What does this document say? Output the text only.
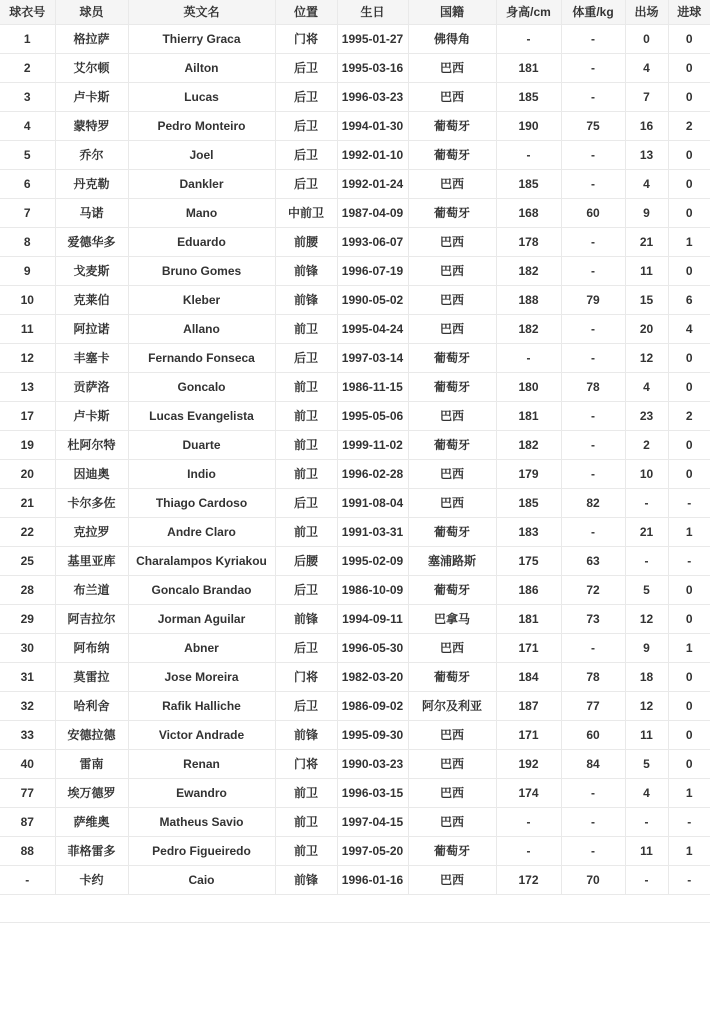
球衣号	球员	英文名	位置	生日	国籍	身高/cm	体重/kg	出场	进球
1	格拉萨	Thierry Graca	门将	1995-01-27	佛得角	-	-	0	0
2	艾尔顿	Ailton	后卫	1995-03-16	巴西	181	-	4	0
3	卢卡斯	Lucas	后卫	1996-03-23	巴西	185	-	7	0
4	蒙特罗	Pedro Monteiro	后卫	1994-01-30	葡萄牙	190	75	16	2
5	乔尔	Joel	后卫	1992-01-10	葡萄牙	-	-	13	0
6	丹克勒	Dankler	后卫	1992-01-24	巴西	185	-	4	0
7	马诺	Mano	中前卫	1987-04-09	葡萄牙	168	60	9	0
8	爱德华多	Eduardo	前腰	1993-06-07	巴西	178	-	21	1
9	戈麦斯	Bruno Gomes	前锋	1996-07-19	巴西	182	-	11	0
10	克莱伯	Kleber	前锋	1990-05-02	巴西	188	79	15	6
11	阿拉诺	Allano	前卫	1995-04-24	巴西	182	-	20	4
12	丰塞卡	Fernando Fonseca	后卫	1997-03-14	葡萄牙	-	-	12	0
13	贡萨洛	Goncalo	前卫	1986-11-15	葡萄牙	180	78	4	0
17	卢卡斯	Lucas Evangelista	前卫	1995-05-06	巴西	181	-	23	2
19	杜阿尔特	Duarte	前卫	1999-11-02	葡萄牙	182	-	2	0
20	因迪奥	Indio	前卫	1996-02-28	巴西	179	-	10	0
21	卡尔多佐	Thiago Cardoso	后卫	1991-08-04	巴西	185	82	-	-
22	克拉罗	Andre Claro	前卫	1991-03-31	葡萄牙	183	-	21	1
25	基里亚库	Charalampos Kyriakou	后腰	1995-02-09	塞浦路斯	175	63	-	-
28	布兰道	Goncalo Brandao	后卫	1986-10-09	葡萄牙	186	72	5	0
29	阿吉拉尔	Jorman Aguilar	前锋	1994-09-11	巴拿马	181	73	12	0
30	阿布纳	Abner	后卫	1996-05-30	巴西	171	-	9	1
31	莫雷拉	Jose Moreira	门将	1982-03-20	葡萄牙	184	78	18	0
32	哈利舍	Rafik Halliche	后卫	1986-09-02	阿尔及利亚	187	77	12	0
33	安德拉德	Victor Andrade	前锋	1995-09-30	巴西	171	60	11	0
40	雷南	Renan	门将	1990-03-23	巴西	192	84	5	0
77	埃万德罗	Ewandro	前卫	1996-03-15	巴西	174	-	4	1
87	萨维奥	Matheus Savio	前卫	1997-04-15	巴西	-	-	-	-
88	菲格雷多	Pedro Figueiredo	前卫	1997-05-20	葡萄牙	-	-	11	1
-	卡约	Caio	前锋	1996-01-16	巴西	172	70	-	-
